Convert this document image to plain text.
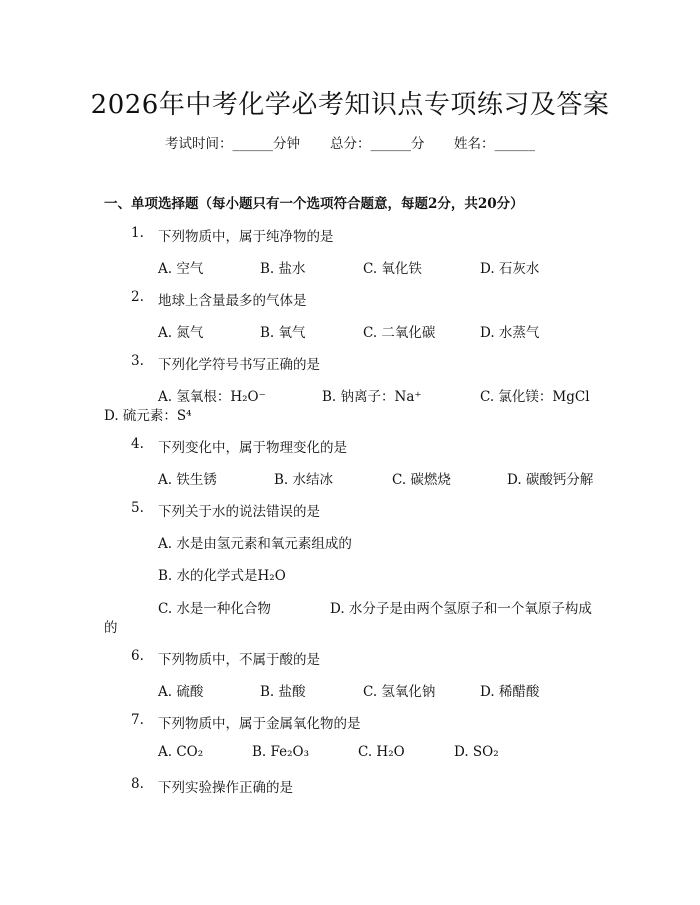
2026年中考化学必考知识点专项练习及答案
考试时间：______分钟 总分：______分 姓名：______
一、单项选择题（每小题只有一个选项符合题意，每题2分，共20分）
1. 下列物质中，属于纯净物的是
A. 空气	B. 盐水	C. 氧化铁	D. 石灰水
2. 地球上含量最多的气体是
A. 氮气	B. 氧气	C. 二氧化碳	D. 水蒸气
3. 下列化学符号书写正确的是
A. 氢氧根：H₂O⁻	B. 钠离子：Na⁺	C. 氯化镁：MgCl
D. 硫元素：S⁴
4. 下列变化中，属于物理变化的是
A. 铁生锈	B. 水结冰	C. 碳燃烧	D. 碳酸钙分解
5. 下列关于水的说法错误的是
A. 水是由氢元素和氧元素组成的
B. 水的化学式是H₂O
C. 水是一种化合物	D. 水分子是由两个氢原子和一个氧原子构成
的
6. 下列物质中，不属于酸的是
A. 硫酸	B. 盐酸	C. 氢氧化钠	D. 稀醋酸
7. 下列物质中，属于金属氧化物的是
A. CO₂	B. Fe₂O₃	C. H₂O	D. SO₂
8. 下列实验操作正确的是
